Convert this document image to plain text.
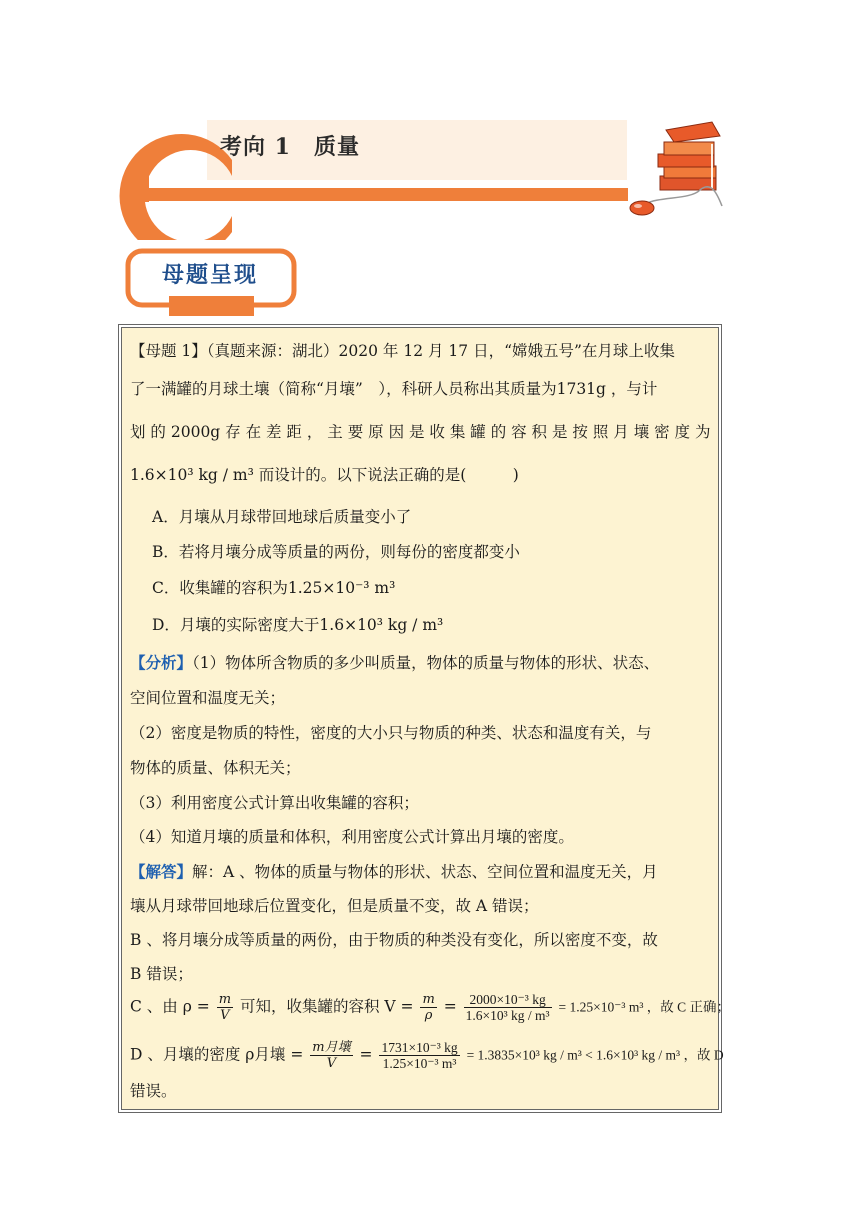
考向 1　质量
母题呈现
【母题 1】（真题来源：湖北）2020 年 12 月 17 日，“嫦娥五号”在月球上收集
了一满罐的月球土壤（简称“月壤”　），科研人员称出其质量为1731g ，与计
划 的 2000g 存 在 差 距 ， 主 要 原 因 是 收 集 罐 的 容 积 是 按 照 月 壤 密 度 为
1.6×10³ kg / m³ 而设计的。以下说法正确的是(　　　)
A．月壤从月球带回地球后质量变小了
B．若将月壤分成等质量的两份，则每份的密度都变小
C．收集罐的容积为1.25×10⁻³ m³
D．月壤的实际密度大于1.6×10³ kg / m³
【分析】（1）物体所含物质的多少叫质量，物体的质量与物体的形状、状态、
空间位置和温度无关；
（2）密度是物质的特性，密度的大小只与物质的种类、状态和温度有关，与
物体的质量、体积无关；
（3）利用密度公式计算出收集罐的容积；
（4）知道月壤的质量和体积，利用密度公式计算出月壤的密度。
【解答】解：A 、物体的质量与物体的形状、状态、空间位置和温度无关，月
壤从月球带回地球后位置变化，但是质量不变，故 A 错误；
B 、将月壤分成等质量的两份，由于物质的种类没有变化，所以密度不变，故
B 错误；
C 、由 $\rho = \frac{m}{V}$ 可知，收集罐的容积 $V = \frac{m}{\rho} = \frac{\text{2000×10⁻³ kg}}{\text{1.6×10³ kg / m³}} = 1.25\times 10^{-3}$ m³ ，故 C 正确；
D 、月壤的密度 ρ月壤 = $\frac{\text{m月壤}}{V} = \frac{\text{1731×10⁻³ kg}}{\text{1.25×10⁻³ m³}} = 1.3835\times 10^3$ kg / m³ < 1.6×10³ kg / m³ ，故 D
错误。
